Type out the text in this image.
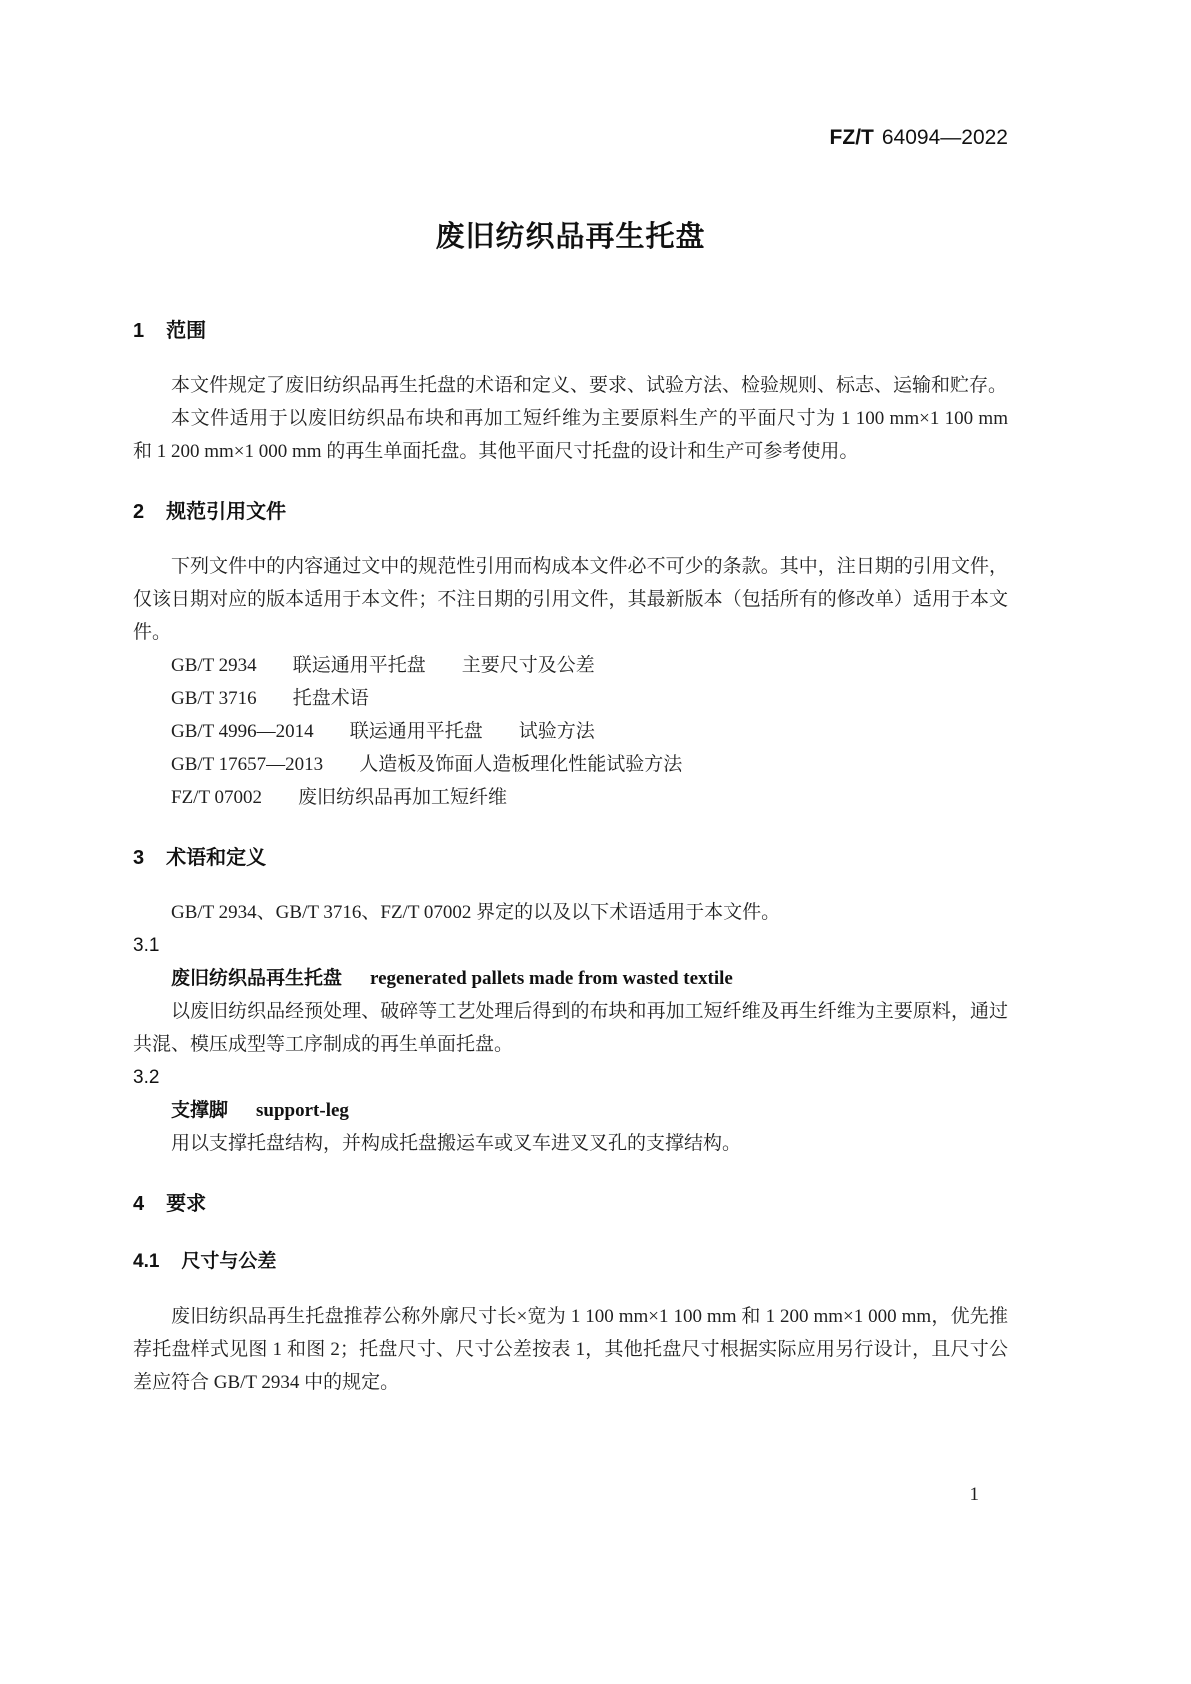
FZ/T 64094—2022
废旧纺织品再生托盘
1 范围

本文件规定了废旧纺织品再生托盘的术语和定义、要求、试验方法、检验规则、标志、运输和贮存。

本文件适用于以废旧纺织品布块和再加工短纤维为主要原料生产的平面尺寸为 1 100 mm×1 100 mm 和 1 200 mm×1 000 mm 的再生单面托盘。其他平面尺寸托盘的设计和生产可参考使用。

2 规范引用文件

下列文件中的内容通过文中的规范性引用而构成本文件必不可少的条款。其中，注日期的引用文件，仅该日期对应的版本适用于本文件；不注日期的引用文件，其最新版本（包括所有的修改单）适用于本文件。

GB/T 2934 联运通用平托盘 主要尺寸及公差

GB/T 3716 托盘术语

GB/T 4996—2014 联运通用平托盘 试验方法

GB/T 17657—2013 人造板及饰面人造板理化性能试验方法

FZ/T 07002 废旧纺织品再加工短纤维

3 术语和定义

GB/T 2934、GB/T 3716、FZ/T 07002 界定的以及以下术语适用于本文件。

3.1

废旧纺织品再生托盘 regenerated pallets made from wasted textile

以废旧纺织品经预处理、破碎等工艺处理后得到的布块和再加工短纤维及再生纤维为主要原料，通过共混、模压成型等工序制成的再生单面托盘。

3.2

支撑脚 support-leg

用以支撑托盘结构，并构成托盘搬运车或叉车进叉叉孔的支撑结构。

4 要求
4.1 尺寸与公差

废旧纺织品再生托盘推荐公称外廓尺寸长×宽为 1 100 mm×1 100 mm 和 1 200 mm×1 000 mm，优先推荐托盘样式见图 1 和图 2；托盘尺寸、尺寸公差按表 1，其他托盘尺寸根据实际应用另行设计，且尺寸公差应符合 GB/T 2934 中的规定。

1
